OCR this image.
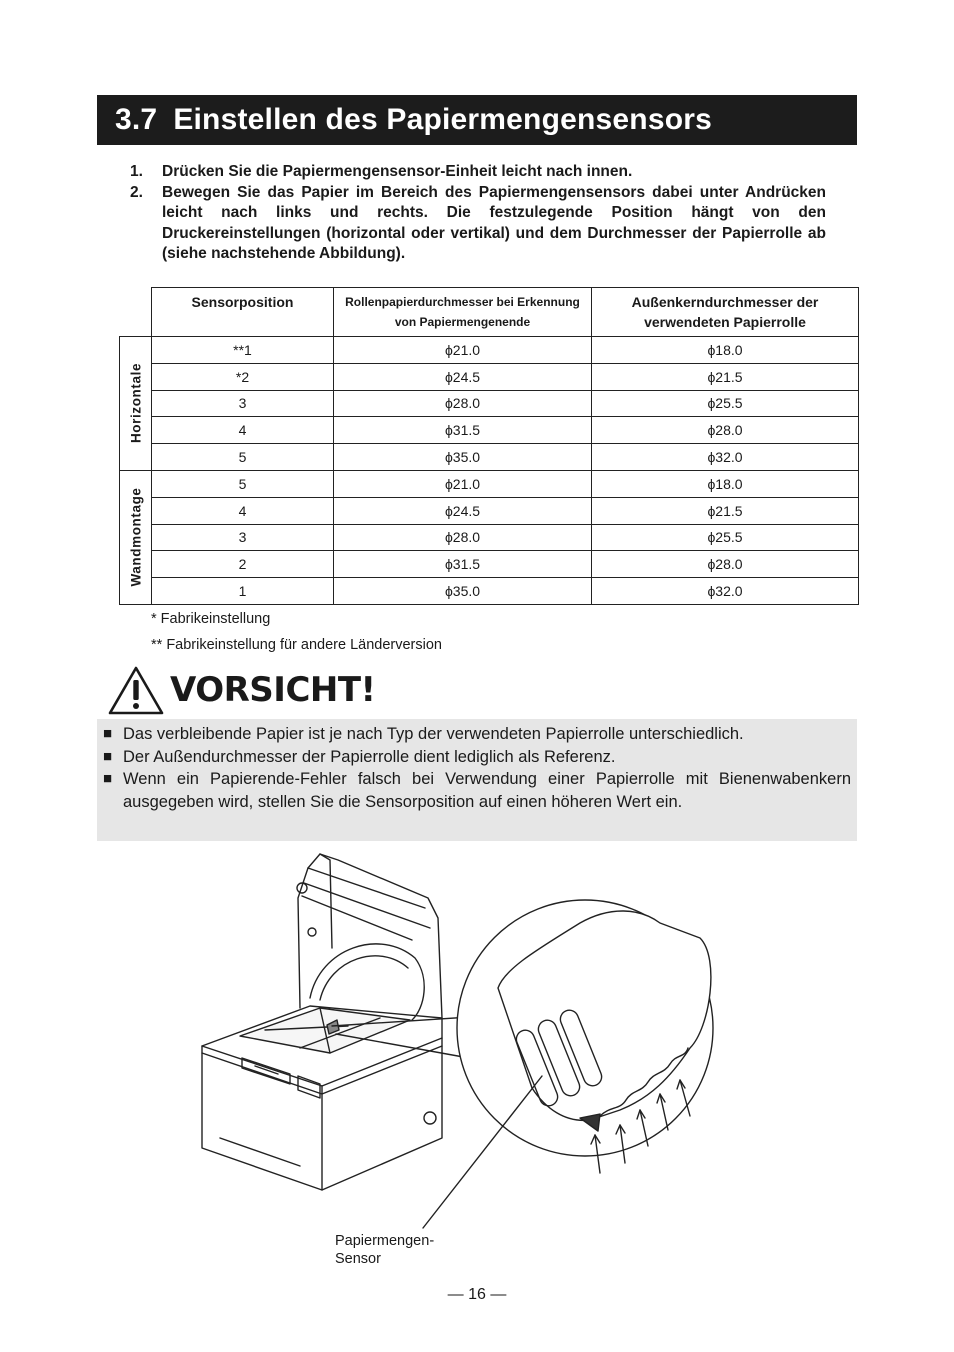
3.7 Einstellen des Papiermengensensors
1.	Drücken Sie die Papiermengensensor-Einheit leicht nach innen.
2.	Bewegen Sie das Papier im Bereich des Papiermengensensors dabei unter Andrücken leicht nach links und rechts. Die festzulegende Position hängt von den Druckereinstellungen (horizontal oder vertikal) und dem Durchmesser der Papierrolle ab (siehe nachstehende Abbildung).
	Sensorposition	Rollenpapierdurchmesser bei Erkennung von Papiermengenende	Außenkerndurchmesser der verwendeten Papierrolle

Horizontale	**1	ϕ21.0	ϕ18.0
	*2	ϕ24.5	ϕ21.5
	3	ϕ28.0	ϕ25.5
	4	ϕ31.5	ϕ28.0
	5	ϕ35.0	ϕ32.0

Wandmontage	5	ϕ21.0	ϕ18.0
	4	ϕ24.5	ϕ21.5
	3	ϕ28.0	ϕ25.5
	2	ϕ31.5	ϕ28.0
	1	ϕ35.0	ϕ32.0
* Fabrikeinstellung
** Fabrikeinstellung für andere Länderversion
VORSICHT!
■ Das verbleibende Papier ist je nach Typ der verwendeten Papierrolle unterschiedlich.
■ Der Außendurchmesser der Papierrolle dient lediglich als Referenz.
■ Wenn ein Papierende-Fehler falsch bei Verwendung einer Papierrolle mit Bienenwabenkern ausgegeben wird, stellen Sie die Sensorposition auf einen höheren Wert ein.
Papiermengen-
Sensor
— 16 —
